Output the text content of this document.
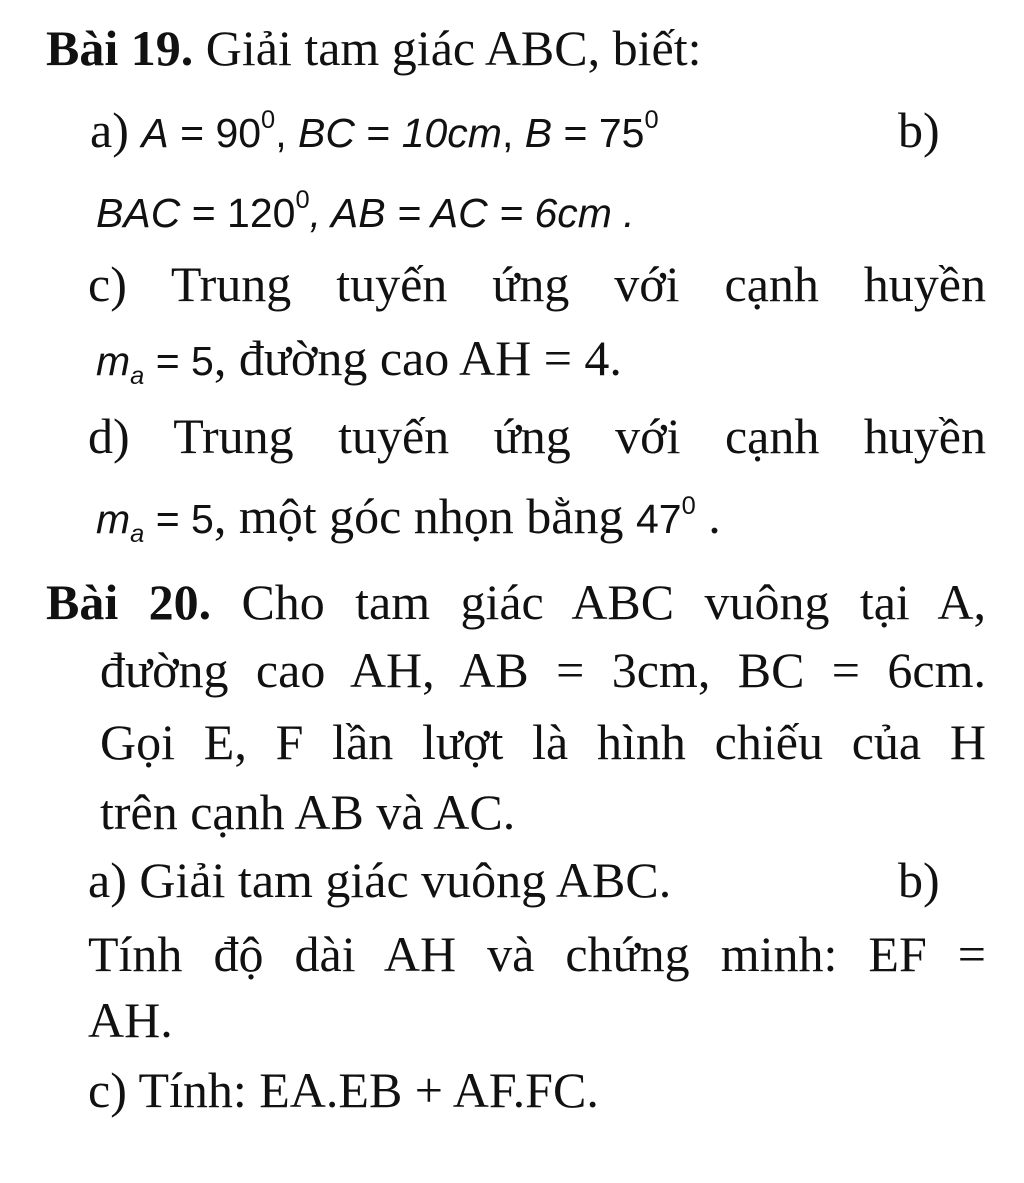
Bài 19. Giải tam giác ABC, biết:
a) $A = 90^0$, BC = 10cm, $B = 75^0$	b)
BAC = $120^0$, AB = AC = 6cm .
c) Trung tuyến ứng với cạnh huyền
$m_a = 5$, đường cao AH = 4.
d) Trung tuyến ứng với cạnh huyền
$m_a = 5$, một góc nhọn bằng $47^0$ .
Bài 20. Cho tam giác ABC vuông tại A,
đường cao AH, AB = 3cm, BC = 6cm.
Gọi E, F lần lượt là hình chiếu của H
trên cạnh AB và AC.
a) Giải tam giác vuông ABC.	b)
Tính độ dài AH và chứng minh: EF =
AH.
c) Tính: EA.EB + AF.FC.
